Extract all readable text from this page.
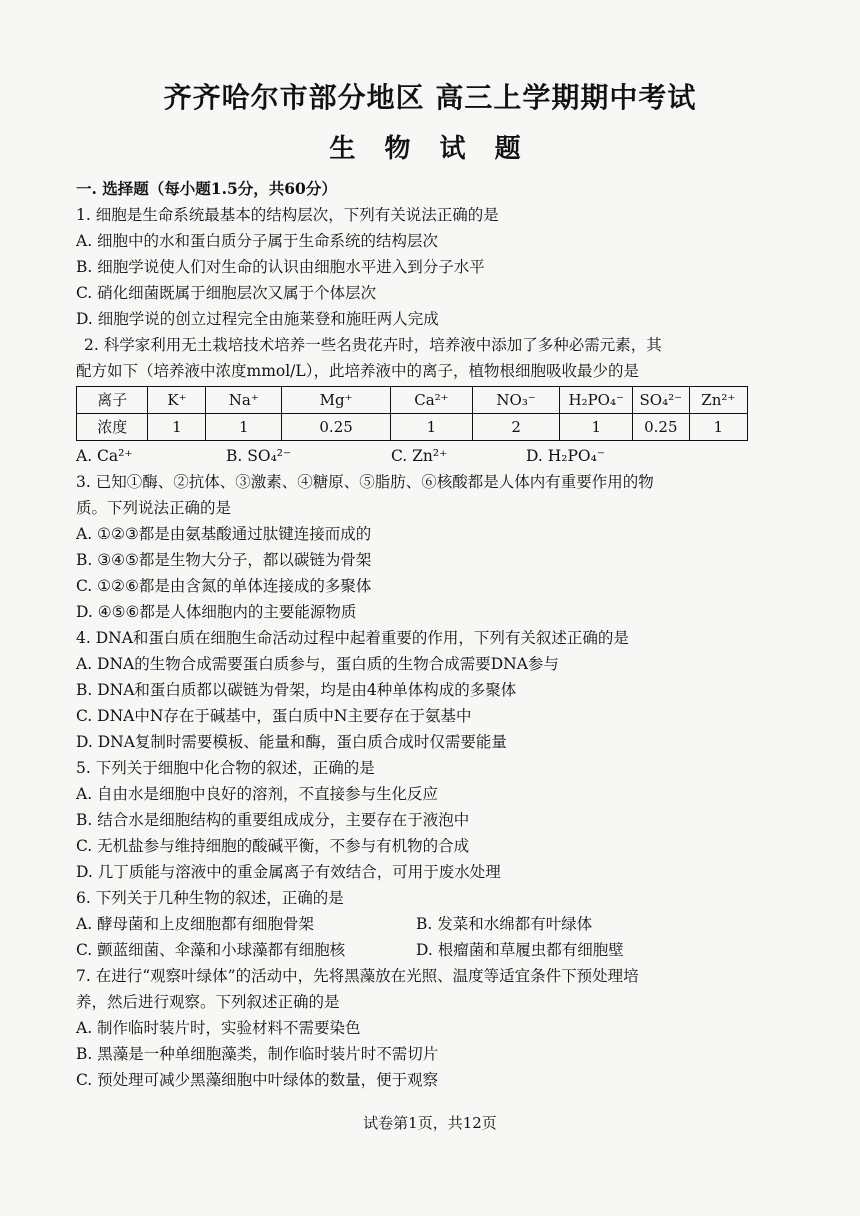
齐齐哈尔市部分地区 高三上学期期中考试
生 物 试 题
一. 选择题（每小题1.5分，共60分）
1. 细胞是生命系统最基本的结构层次，下列有关说法正确的是
A. 细胞中的水和蛋白质分子属于生命系统的结构层次
B. 细胞学说使人们对生命的认识由细胞水平进入到分子水平
C. 硝化细菌既属于细胞层次又属于个体层次
D. 细胞学说的创立过程完全由施莱登和施旺两人完成
2. 科学家利用无土栽培技术培养一些名贵花卉时，培养液中添加了多种必需元素，其
配方如下（培养液中浓度mmol/L），此培养液中的离子，植物根细胞吸收最少的是
离子	K⁺	Na⁺	Mg⁺	Ca²⁺	NO₃⁻	H₂PO₄⁻	SO₄²⁻	Zn²⁺
浓度	1	1	0.25	1	2	1	0.25	1
A. Ca²⁺	B. SO₄²⁻	C. Zn²⁺	D. H₂PO₄⁻
3. 已知①酶、②抗体、③激素、④糖原、⑤脂肪、⑥核酸都是人体内有重要作用的物
质。下列说法正确的是
A. ①②③都是由氨基酸通过肽键连接而成的
B. ③④⑤都是生物大分子，都以碳链为骨架
C. ①②⑥都是由含氮的单体连接成的多聚体
D. ④⑤⑥都是人体细胞内的主要能源物质
4. DNA和蛋白质在细胞生命活动过程中起着重要的作用，下列有关叙述正确的是
A. DNA的生物合成需要蛋白质参与，蛋白质的生物合成需要DNA参与
B. DNA和蛋白质都以碳链为骨架，均是由4种单体构成的多聚体
C. DNA中N存在于碱基中，蛋白质中N主要存在于氨基中
D. DNA复制时需要模板、能量和酶，蛋白质合成时仅需要能量
5. 下列关于细胞中化合物的叙述，正确的是
A. 自由水是细胞中良好的溶剂，不直接参与生化反应
B. 结合水是细胞结构的重要组成成分，主要存在于液泡中
C. 无机盐参与维持细胞的酸碱平衡，不参与有机物的合成
D. 几丁质能与溶液中的重金属离子有效结合，可用于废水处理
6. 下列关于几种生物的叙述，正确的是
A. 酵母菌和上皮细胞都有细胞骨架	B. 发菜和水绵都有叶绿体
C. 颤蓝细菌、伞藻和小球藻都有细胞核	D. 根瘤菌和草履虫都有细胞壁
7. 在进行“观察叶绿体”的活动中，先将黑藻放在光照、温度等适宜条件下预处理培
养，然后进行观察。下列叙述正确的是
A. 制作临时装片时，实验材料不需要染色
B. 黑藻是一种单细胞藻类，制作临时装片时不需切片
C. 预处理可减少黑藻细胞中叶绿体的数量，便于观察
试卷第1页，共12页
